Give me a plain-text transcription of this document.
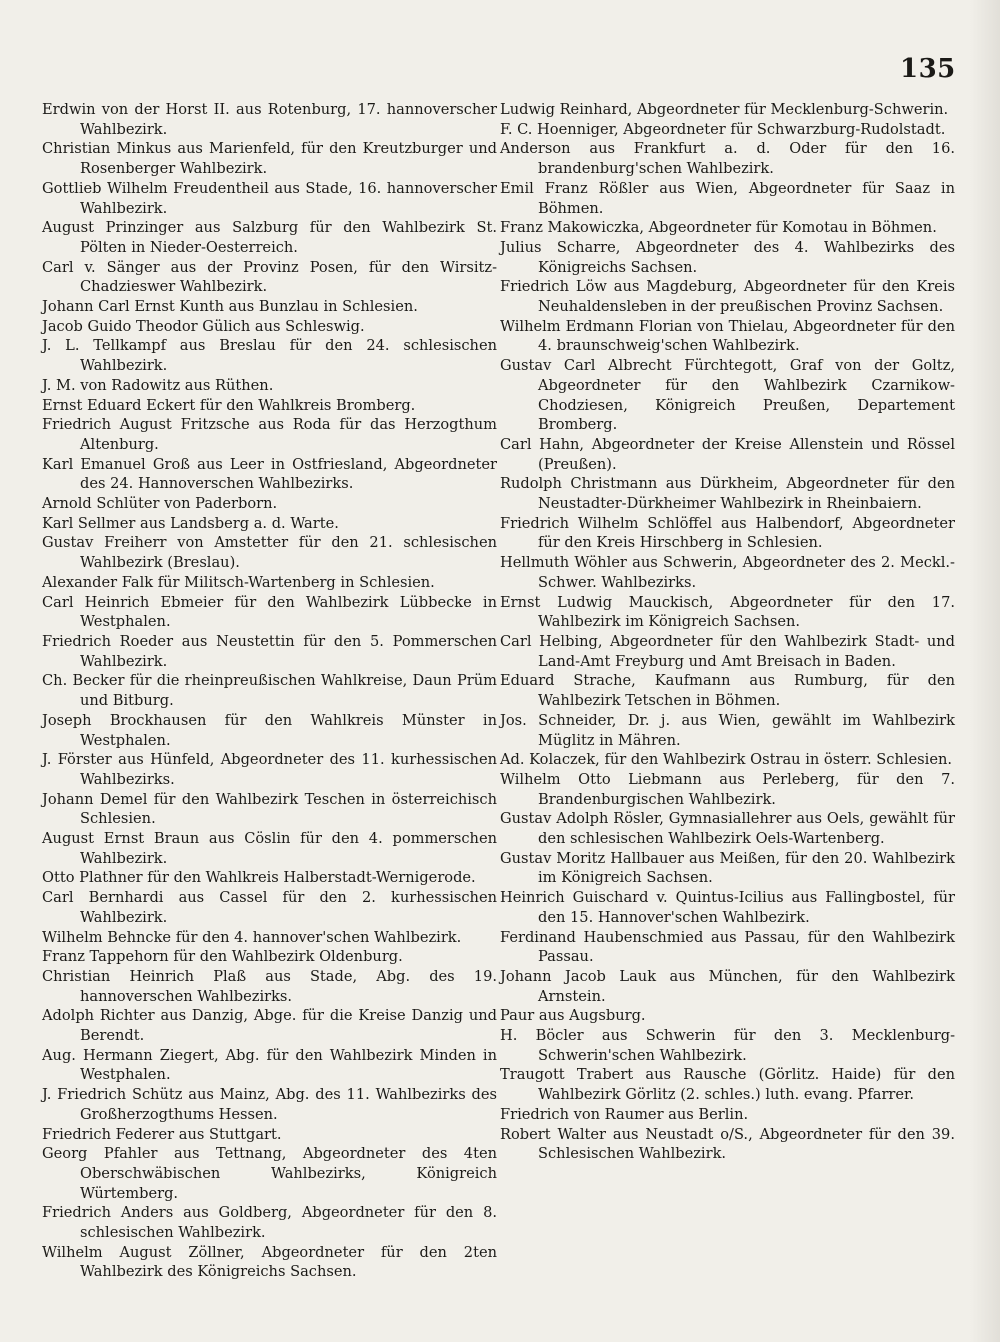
135

Erdwin von der Horst II. aus Rotenburg, 17. hannoverscher Wahlbezirk.

Christian Minkus aus Marienfeld, für den Kreutzburger und Rosenberger Wahlbezirk.

Gottlieb Wilhelm Freudentheil aus Stade, 16. hannoverscher Wahlbezirk.

August Prinzinger aus Salzburg für den Wahlbezirk St. Pölten in Nieder-Oesterreich.

Carl v. Sänger aus der Provinz Posen, für den Wirsitz-Chadzieswer Wahlbezirk.

Johann Carl Ernst Kunth aus Bunzlau in Schlesien.

Jacob Guido Theodor Gülich aus Schleswig.

J. L. Tellkampf aus Breslau für den 24. schlesischen Wahlbezirk.

J. M. von Radowitz aus Rüthen.

Ernst Eduard Eckert für den Wahlkreis Bromberg.

Friedrich August Fritzsche aus Roda für das Herzogthum Altenburg.

Karl Emanuel Groß aus Leer in Ostfriesland, Abgeordneter des 24. Hannoverschen Wahlbezirks.

Arnold Schlüter von Paderborn.

Karl Sellmer aus Landsberg a. d. Warte.

Gustav Freiherr von Amstetter für den 21. schlesischen Wahlbezirk (Breslau).

Alexander Falk für Militsch-Wartenberg in Schlesien.

Carl Heinrich Ebmeier für den Wahlbezirk Lübbecke in Westphalen.

Friedrich Roeder aus Neustettin für den 5. Pommerschen Wahlbezirk.

Ch. Becker für die rheinpreußischen Wahlkreise, Daun Prüm und Bitburg.

Joseph Brockhausen für den Wahlkreis Münster in Westphalen.

J. Förster aus Hünfeld, Abgeordneter des 11. kurhessischen Wahlbezirks.

Johann Demel für den Wahlbezirk Teschen in österreichisch Schlesien.

August Ernst Braun aus Cöslin für den 4. pommerschen Wahlbezirk.

Otto Plathner für den Wahlkreis Halberstadt-Wernigerode.

Carl Bernhardi aus Cassel für den 2. kurhessischen Wahlbezirk.

Wilhelm Behncke für den 4. hannover'schen Wahlbezirk.

Franz Tappehorn für den Wahlbezirk Oldenburg.

Christian Heinrich Plaß aus Stade, Abg. des 19. hannoverschen Wahlbezirks.

Adolph Richter aus Danzig, Abge. für die Kreise Danzig und Berendt.

Aug. Hermann Ziegert, Abg. für den Wahlbezirk Minden in Westphalen.

J. Friedrich Schütz aus Mainz, Abg. des 11. Wahlbezirks des Großherzogthums Hessen.

Friedrich Federer aus Stuttgart.

Georg Pfahler aus Tettnang, Abgeordneter des 4ten Oberschwäbischen Wahlbezirks, Königreich Würtemberg.

Friedrich Anders aus Goldberg, Abgeordneter für den 8. schlesischen Wahlbezirk.

Wilhelm August Zöllner, Abgeordneter für den 2ten Wahlbezirk des Königreichs Sachsen.

Ludwig Reinhard, Abgeordneter für Mecklenburg-Schwerin.

F. C. Hoenniger, Abgeordneter für Schwarzburg-Rudolstadt.

Anderson aus Frankfurt a. d. Oder für den 16. brandenburg'schen Wahlbezirk.

Emil Franz Rößler aus Wien, Abgeordneter für Saaz in Böhmen.

Franz Makowiczka, Abgeordneter für Komotau in Böhmen.

Julius Scharre, Abgeordneter des 4. Wahlbezirks des Königreichs Sachsen.

Friedrich Löw aus Magdeburg, Abgeordneter für den Kreis Neuhaldensleben in der preußischen Provinz Sachsen.

Wilhelm Erdmann Florian von Thielau, Abgeordneter für den 4. braunschweig'schen Wahlbezirk.

Gustav Carl Albrecht Fürchtegott, Graf von der Goltz, Abgeordneter für den Wahlbezirk Czarnikow-Chodziesen, Königreich Preußen, Departement Bromberg.

Carl Hahn, Abgeordneter der Kreise Allenstein und Rössel (Preußen).

Rudolph Christmann aus Dürkheim, Abgeordneter für den Neustadter-Dürkheimer Wahlbezirk in Rheinbaiern.

Friedrich Wilhelm Schlöffel aus Halbendorf, Abgeordneter für den Kreis Hirschberg in Schlesien.

Hellmuth Wöhler aus Schwerin, Abgeordneter des 2. Meckl.-Schwer. Wahlbezirks.

Ernst Ludwig Mauckisch, Abgeordneter für den 17. Wahlbezirk im Königreich Sachsen.

Carl Helbing, Abgeordneter für den Wahlbezirk Stadt- und Land-Amt Freyburg und Amt Breisach in Baden.

Eduard Strache, Kaufmann aus Rumburg, für den Wahlbezirk Tetschen in Böhmen.

Jos. Schneider, Dr. j. aus Wien, gewählt im Wahlbezirk Müglitz in Mähren.

Ad. Kolaczek, für den Wahlbezirk Ostrau in österr. Schlesien.

Wilhelm Otto Liebmann aus Perleberg, für den 7. Brandenburgischen Wahlbezirk.

Gustav Adolph Rösler, Gymnasiallehrer aus Oels, gewählt für den schlesischen Wahlbezirk Oels-Wartenberg.

Gustav Moritz Hallbauer aus Meißen, für den 20. Wahlbezirk im Königreich Sachsen.

Heinrich Guischard v. Quintus-Icilius aus Fallingbostel, für den 15. Hannover'schen Wahlbezirk.

Ferdinand Haubenschmied aus Passau, für den Wahlbezirk Passau.

Johann Jacob Lauk aus München, für den Wahlbezirk Arnstein.

Paur aus Augsburg.

H. Böcler aus Schwerin für den 3. Mecklenburg-Schwerin'schen Wahlbezirk.

Traugott Trabert aus Rausche (Görlitz. Haide) für den Wahlbezirk Görlitz (2. schles.) luth. evang. Pfarrer.

Friedrich von Raumer aus Berlin.

Robert Walter aus Neustadt o/S., Abgeordneter für den 39. Schlesischen Wahlbezirk.
